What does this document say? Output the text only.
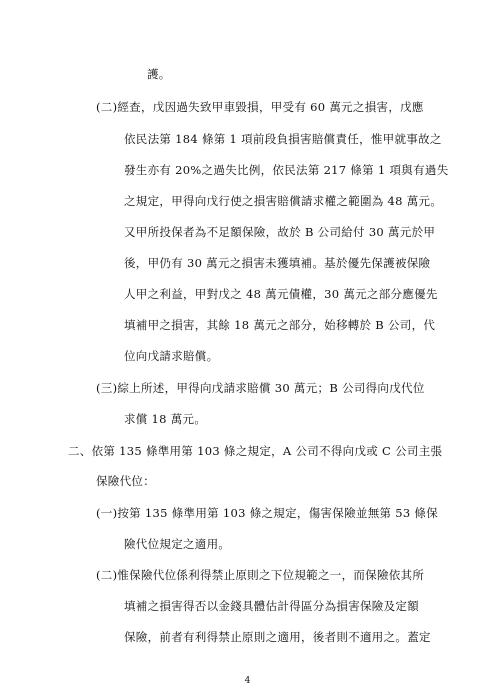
護。
(二)經查，戊因過失致甲車毀損，甲受有 60 萬元之損害，戊應
依民法第 184 條第 1 項前段負損害賠償責任，惟甲就事故之
發生亦有 20%之過失比例，依民法第 217 條第 1 項與有過失
之規定，甲得向戊行使之損害賠償請求權之範圍為 48 萬元。
又甲所投保者為不足額保險，故於 B 公司給付 30 萬元於甲
後，甲仍有 30 萬元之損害未獲填補。基於優先保護被保險
人甲之利益，甲對戊之 48 萬元債權，30 萬元之部分應優先
填補甲之損害，其餘 18 萬元之部分，始移轉於 B 公司，代
位向戊請求賠償。
(三)綜上所述，甲得向戊請求賠償 30 萬元；B 公司得向戊代位
求償 18 萬元。
二、依第 135 條準用第 103 條之規定，A 公司不得向戊或 C 公司主張
保險代位：
(一)按第 135 條準用第 103 條之規定，傷害保險並無第 53 條保
險代位規定之適用。
(二)惟保險代位係利得禁止原則之下位規範之一，而保險依其所
填補之損害得否以金錢具體估計得區分為損害保險及定額
保險，前者有利得禁止原則之適用，後者則不適用之。蓋定
4
